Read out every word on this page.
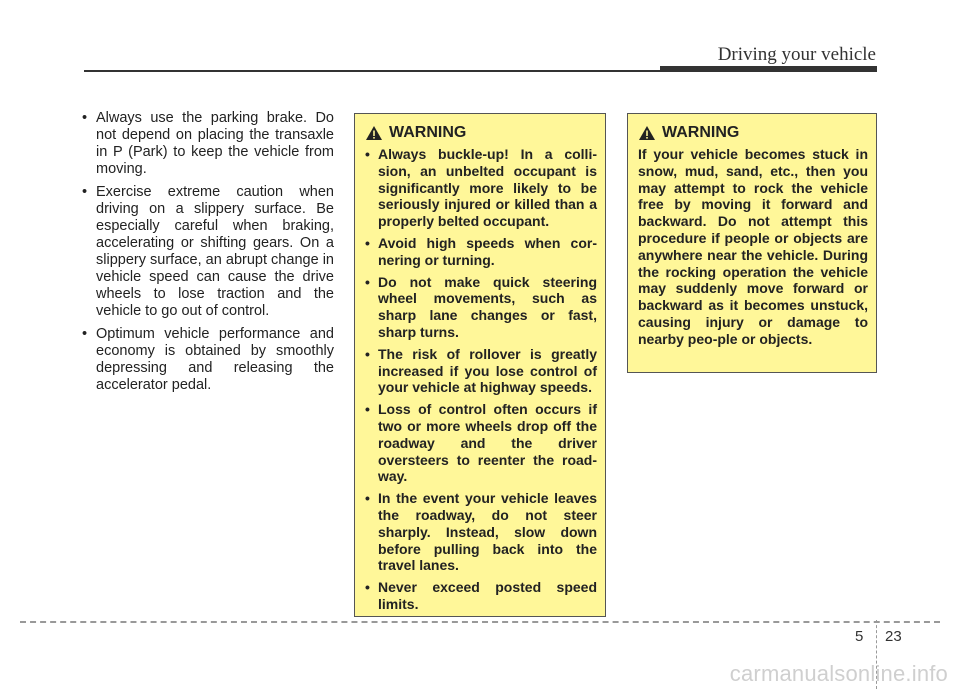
Driving your vehicle
• Always use the parking brake. Do not depend on placing the transaxle in P (Park) to keep the vehicle from moving.
• Exercise extreme caution when driving on a slippery surface. Be especially careful when braking, accelerating or shifting gears. On a slippery surface, an abrupt change in vehicle speed can cause the drive wheels to lose traction and the vehicle to go out of control.
• Optimum vehicle performance and economy is obtained by smoothly depressing and releasing the accelerator pedal.
WARNING
• Always buckle-up! In a colli-sion, an unbelted occupant is significantly more likely to be seriously injured or killed than a properly belted occupant.
• Avoid high speeds when cor-nering or turning.
• Do not make quick steering wheel movements, such as sharp lane changes or fast, sharp turns.
• The risk of rollover is greatly increased if you lose control of your vehicle at highway speeds.
• Loss of control often occurs if two or more wheels drop off the roadway and the driver oversteers to reenter the road-way.
• In the event your vehicle leaves the roadway, do not steer sharply. Instead, slow down before pulling back into the travel lanes.
• Never exceed posted speed limits.
WARNING

If your vehicle becomes stuck in snow, mud, sand, etc., then you may attempt to rock the vehicle free by moving it forward and backward. Do not attempt this procedure if people or objects are anywhere near the vehicle. During the rocking operation the vehicle may suddenly move forward or backward as it becomes unstuck, causing injury or damage to nearby peo-ple or objects.

5 23
carmanualsonline.info
